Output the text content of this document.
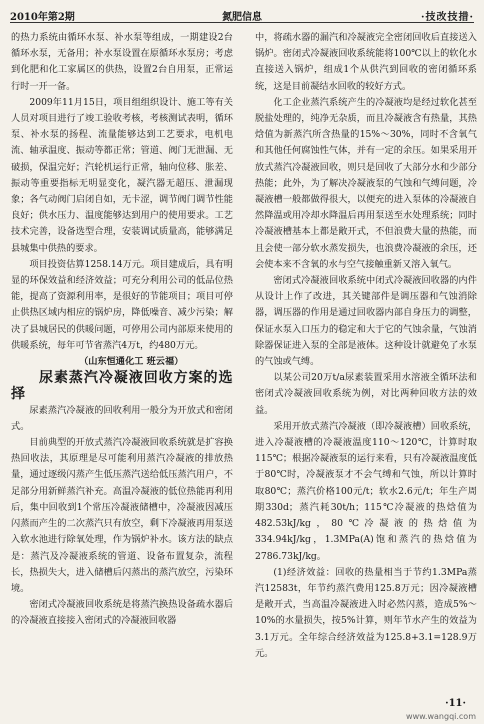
2010年第2期	氮肥信息	·技改技措·

的热力系统由循环水泵、补水泵等组成，一期建设2台循环水泵，无备用；补水泵设置在原循环水泵房；考虑到化肥和化工家属区的供热，设置2台自用泵，正常运行时一开一备。

2009年11月15日，项目组组织设计、施工等有关人员对项目进行了竣工验收考核，考核测试表明，循环泵、补水泵的扬程、流量能够达到工艺要求，电机电流、轴承温度、振动等都正常；管道、阀门无泄漏、无破损，保温完好；汽轮机运行正常，轴向位移、胀差、振动等重要指标无明显变化，凝汽器无超压、泄漏现象；各气动阀门启闭自如，无卡涩，调节阀门调节性能良好；供水压力、温度能够达到用户的使用要求。工艺技术完善，设备选型合理，安装调试质量高，能够满足县城集中供热的要求。

项目投资估算1258.14万元。项目建成后，具有明显的环保效益和经济效益；可充分利用公司的低品位热能，提高了资源利用率，是很好的节能项目；项目可停止供热区域内相应的锅炉房，降低噪音、减少污染；解决了县城居民的供暖问题，可停用公司内部原来使用的供暖系统，每年可节省蒸汽4万t，约480万元。

（山东恒通化工 班云福）

尿素蒸汽冷凝液回收方案的选择

尿素蒸汽冷凝液的回收利用一般分为开放式和密闭式。

目前典型的开放式蒸汽冷凝液回收系统就是扩容换热回收法，其原理是尽可能利用蒸汽冷凝液的排放热量，通过逐级闪蒸产生低压蒸汽送给低压蒸汽用户，不足部分用新鲜蒸汽补充。高温冷凝液的低位热能再利用后，集中回收到1个常压冷凝液储槽中，冷凝液因减压闪蒸而产生的二次蒸汽只有放空，剩下冷凝液再用泵送入软水池进行除氧处理，作为锅炉补水。该方法的缺点是：蒸汽及冷凝液系统的管道、设备布置复杂，流程长，热损失大，进入储槽后闪蒸出的蒸汽放空，污染环境。

密闭式冷凝液回收系统是将蒸汽换热设备疏水器后的冷凝液直接接入密闭式的冷凝液回收器

中，将疏水器的漏汽和冷凝液完全密闭回收后直接送入锅炉。密闭式冷凝液回收系统能将100℃以上的软化水直接送入锅炉，组成1个从供汽到回收的密闭循环系统，这是目前凝结水回收的较好方式。

化工企业蒸汽系统产生的冷凝液均是经过软化甚至脱盐处理的，纯净无杂质，而且冷凝液含有热量，其热焓值为新蒸汽所含热量的15%～30%，同时不含氧气和其他任何腐蚀性气体，并有一定的余压。如果采用开放式蒸汽冷凝液回收，则只是回收了大部分水和少部分热能；此外，为了解决冷凝液泵的气蚀和气缚问题，冷凝液槽一般都做得很大，以便充的进入泵体的冷凝液自然降温或用冷却水降温后再用泵送至水处理系统；同时冷凝液槽基本上都是敞开式，不但浪费大量的热能，而且会使一部分软水蒸发损失，也浪费冷凝液的余压，还会使本来不含氧的水与空气接触重新又溶入氧气。

密闭式冷凝液回收系统中闭式冷凝液回收器的内件从设计上作了改进，其关键部件是调压器和气蚀消除器，调压器的作用是通过回收器内部自身压力的调整，保证水泵入口压力的稳定和大于它的气蚀余量，气蚀消除器保证进入泵的全部是液体。这种设计就避免了水泵的气蚀或气缚。

以某公司20万t/a尿素装置采用水溶液全循环法和密闭式冷凝液回收系统为例，对比两种回收方法的效益。

采用开放式蒸汽冷凝液（即冷凝液槽）回收系统，进入冷凝液槽的冷凝液温度110～120℃，计算时取115℃；根据冷凝液泵的运行来看，只有冷凝液温度低于80℃时，冷凝液泵才不会气缚和气蚀，所以计算时取80℃；蒸汽价格100元/t；软水2.6元/t；年生产周期330d；蒸汽耗30t/h；115℃冷凝液的热焓值为482.53kJ/kg，80℃冷凝液的热焓值为334.94kJ/kg，1.3MPa(A)饱和蒸汽的热焓值为2786.73kJ/kg。

(1)经济效益：回收的热量相当于节约1.3MPa蒸汽12583t，年节约蒸汽费用125.8万元；因冷凝液槽是敞开式，当高温冷凝液进入时必然闪蒸，造成5%～10%的水量损失，按5%计算，则年节水产生的效益为3.1万元。全年综合经济效益为125.8+3.1=128.9万元。

·11·
www.wangqi.com
